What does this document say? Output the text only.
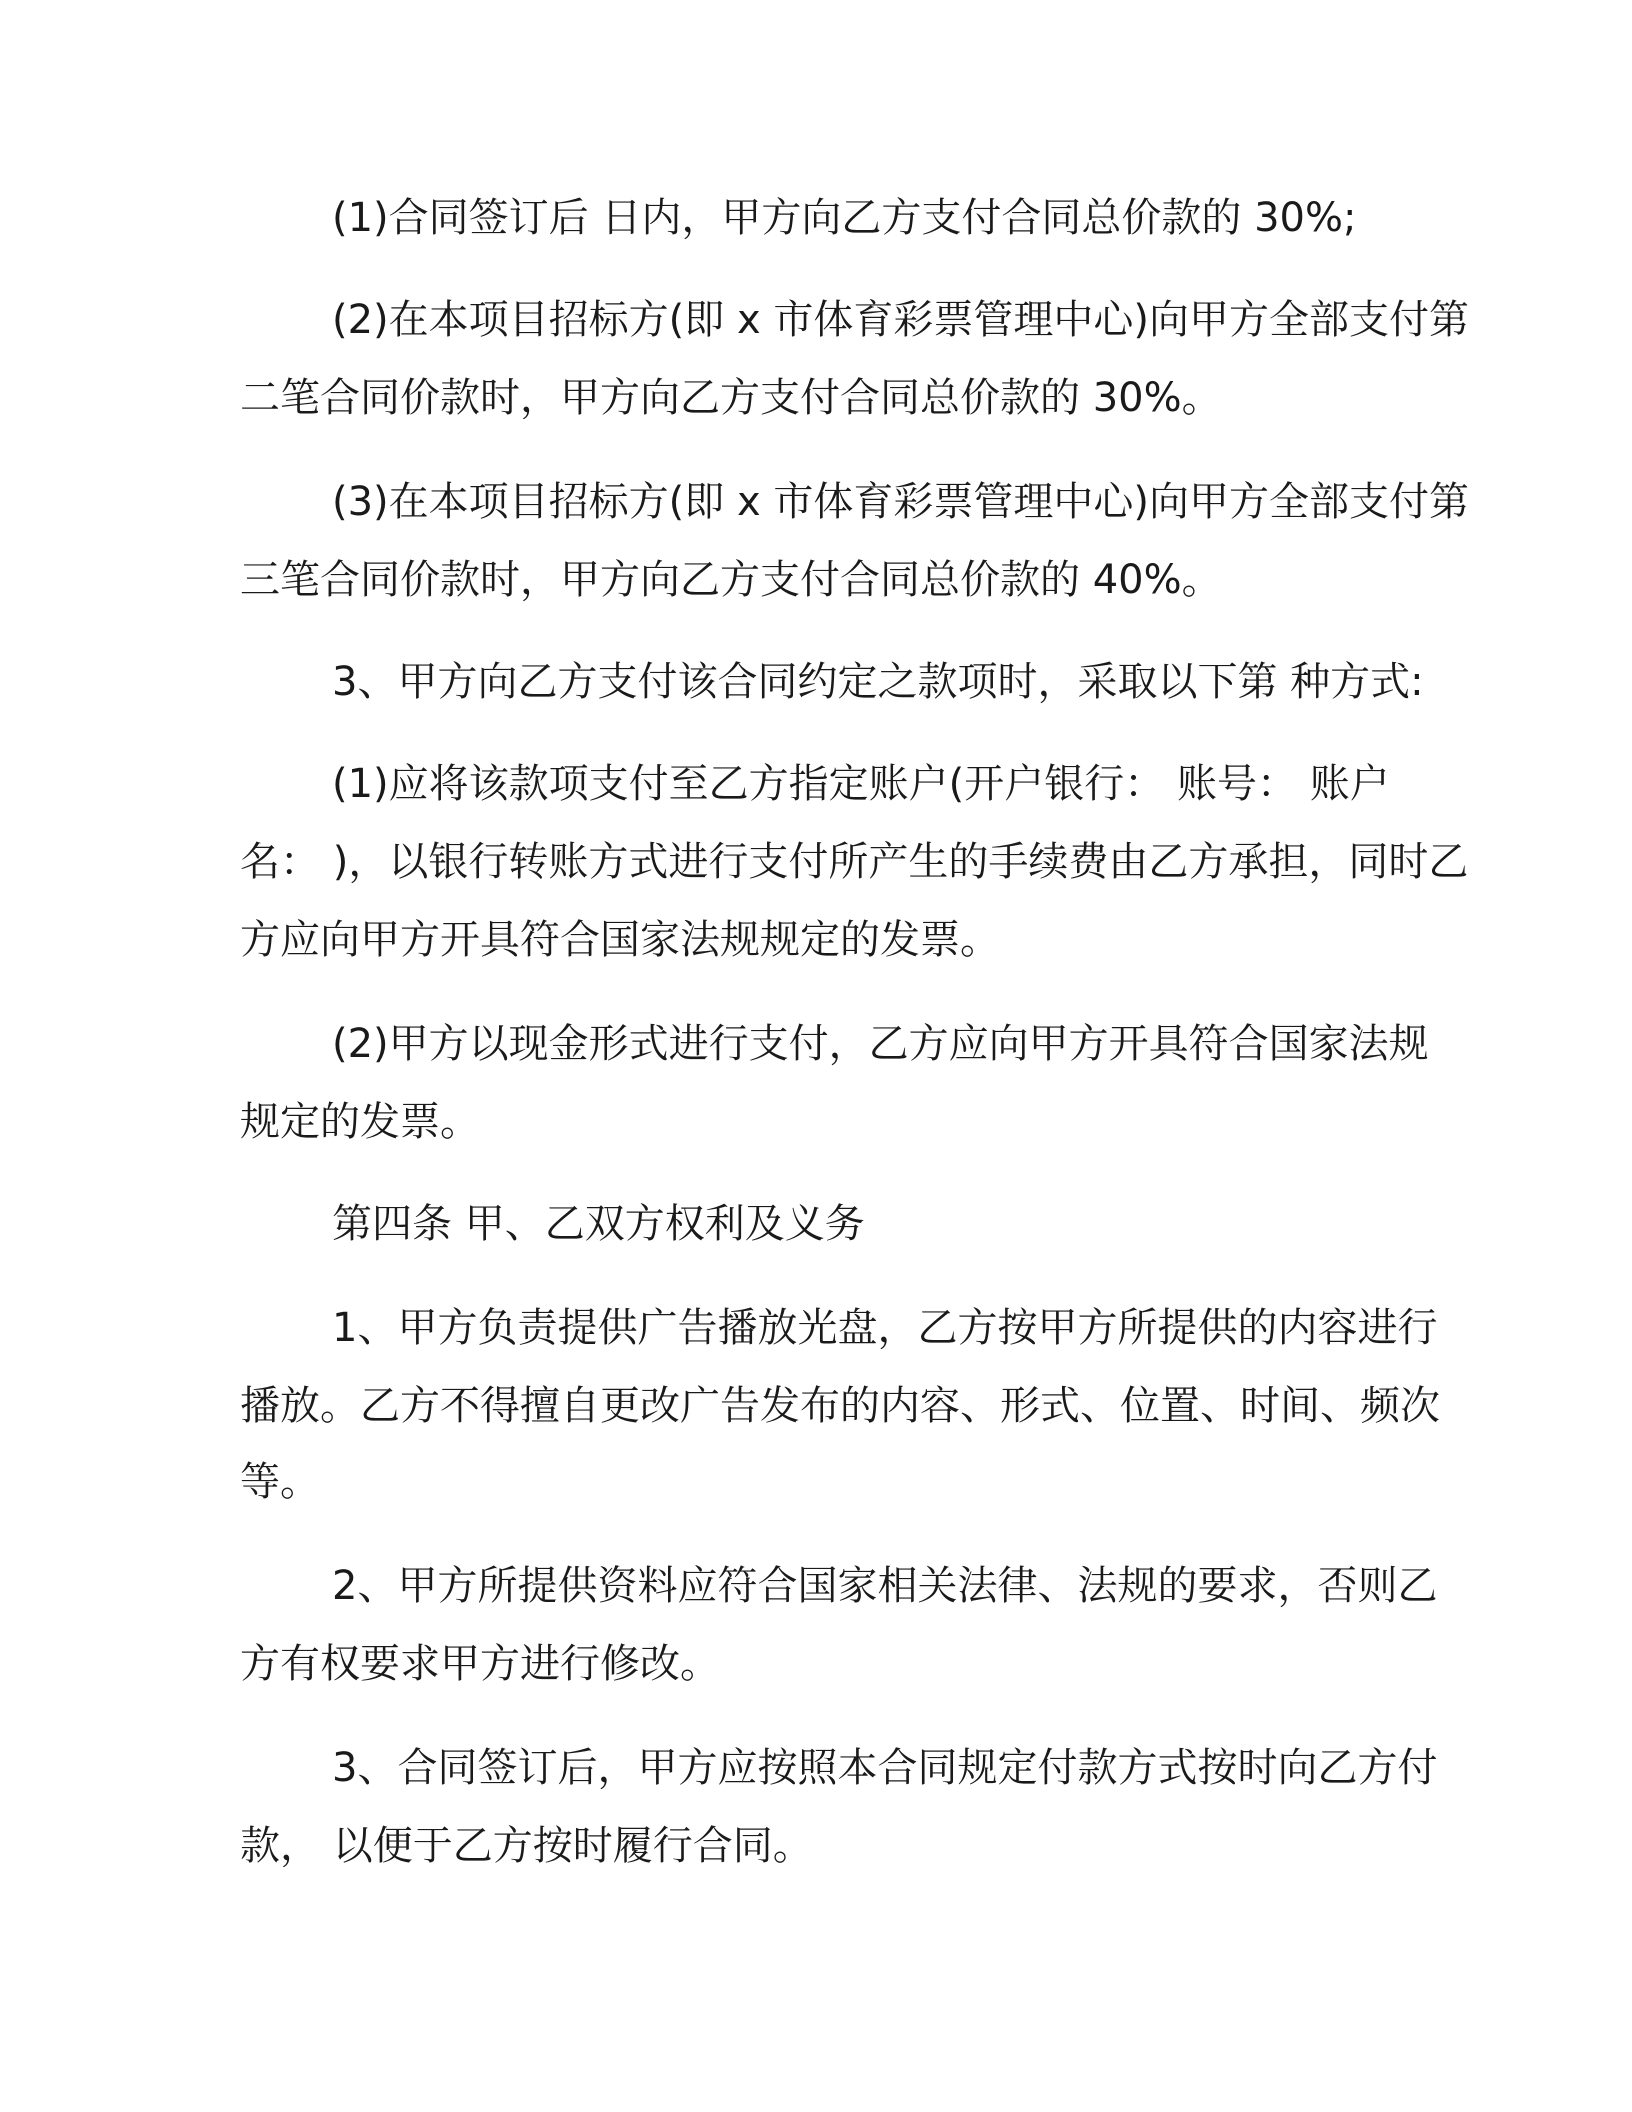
(1)合同签订后 日内，甲方向乙方支付合同总价款的 30%;

(2)在本项目招标方(即 x 市体育彩票管理中心)向甲方全部支付第

二笔合同价款时，甲方向乙方支付合同总价款的 30%。

(3)在本项目招标方(即 x 市体育彩票管理中心)向甲方全部支付第

三笔合同价款时，甲方向乙方支付合同总价款的 40%。

3、甲方向乙方支付该合同约定之款项时，采取以下第 种方式:

(1)应将该款项支付至乙方指定账户(开户银行： 账号： 账户

名： )，以银行转账方式进行支付所产生的手续费由乙方承担，同时乙

方应向甲方开具符合国家法规规定的发票。

(2)甲方以现金形式进行支付，乙方应向甲方开具符合国家法规

规定的发票。

第四条 甲、乙双方权利及义务

1、甲方负责提供广告播放光盘，乙方按甲方所提供的内容进行

播放。乙方不得擅自更改广告发布的内容、形式、位置、时间、频次

等。

2、甲方所提供资料应符合国家相关法律、法规的要求，否则乙

方有权要求甲方进行修改。

3、合同签订后，甲方应按照本合同规定付款方式按时向乙方付

款， 以便于乙方按时履行合同。
